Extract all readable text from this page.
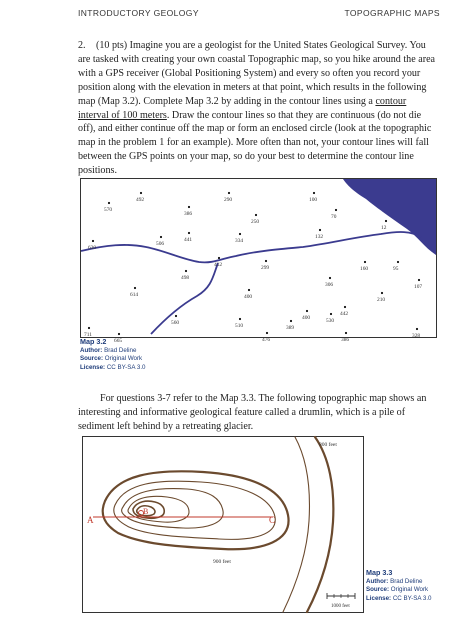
INTRODUCTORY GEOLOGY	TOPOGRAPHIC MAPS
2. (10 pts) Imagine you are a geologist for the United States Geological Survey. You are tasked with creating your own coastal Topographic map, so you hike around the area with a GPS receiver (Global Positioning System) and every so often you record your position along with the elevation in meters at that point, which results in the following map (Map 3.2). Complete Map 3.2 by adding in the contour lines using a contour interval of 100 meters. Draw the contour lines so that they are continuous (do not die off), and either continue off the map or form an enclosed circle (look at the topographic map in the problem 1 for an example). More often than not, your contour lines will fall between the GPS points on your map, so do your best to determine the contour line positions.
492
570
386
290	100
70
250
12
630
506
441	334
132
412
498
299	160	95
306	107
614	400	210
560	510
442
400	530
389
711
665	476	386
328
Map 3.2
Author: Brad Deline
Source: Original Work
License: CC BY-SA 3.0
For questions 3-7 refer to the Map 3.3. The following topographic map shows an interesting and informative geological feature called a drumlin, which is a pile of sediment left behind by a retreating glacier.
A
B
C
800 feet
900 feet
1000 feet
Map 3.3
Author: Brad Deline
Source: Original Work
License: CC BY-SA 3.0
